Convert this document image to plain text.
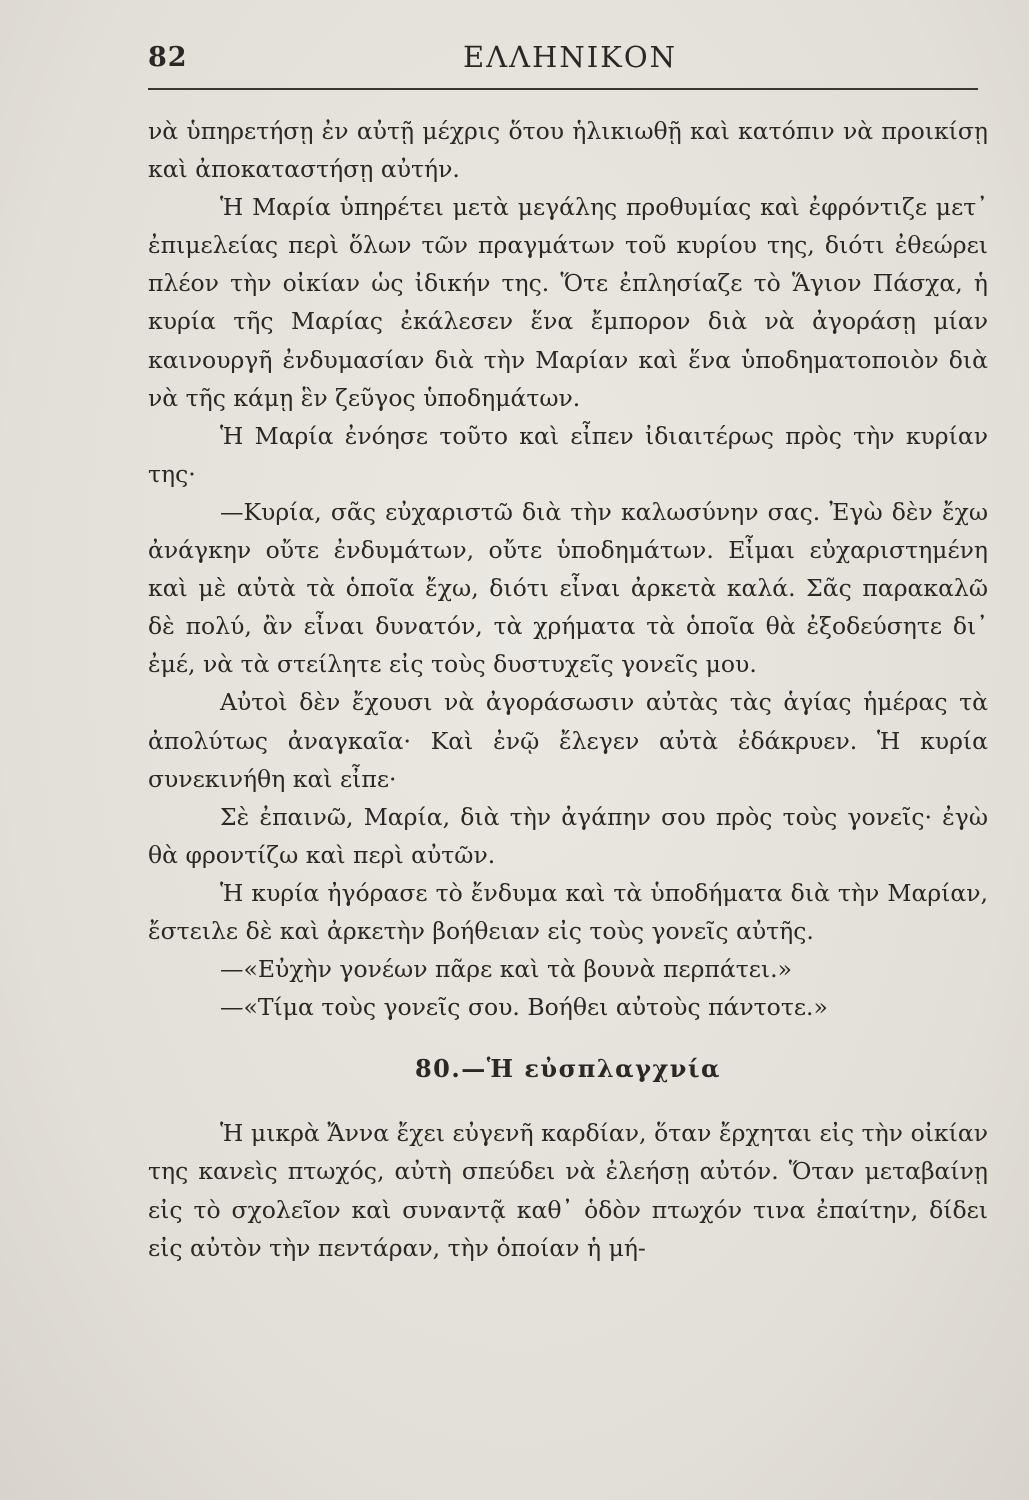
82	ΕΛΛΗΝΙΚΟΝ

νὰ ὑπηρετήσῃ ἐν αὐτῇ μέχρις ὅτου ἡλικιωθῇ καὶ κατόπιν νὰ προικίσῃ καὶ ἀποκαταστήσῃ αὐτήν.

Ἡ Μαρία ὑπηρέτει μετὰ μεγάλης προθυμίας καὶ ἐφρόντιζε μετ᾽ ἐπιμελείας περὶ ὅλων τῶν πραγμάτων τοῦ κυρίου της, διότι ἐθεώρει πλέον τὴν οἰκίαν ὡς ἰδικήν της. Ὅτε ἐπλησίαζε τὸ Ἅγιον Πάσχα, ἡ κυρία τῆς Μαρίας ἐκάλεσεν ἕνα ἔμπορον διὰ νὰ ἀγοράσῃ μίαν καινουργῆ ἐνδυμασίαν διὰ τὴν Μαρίαν καὶ ἕνα ὑποδηματοποιὸν διὰ νὰ τῆς κάμῃ ἓν ζεῦγος ὑποδημάτων.

Ἡ Μαρία ἐνόησε τοῦτο καὶ εἶπεν ἰδιαιτέρως πρὸς τὴν κυρίαν της·

—Κυρία, σᾶς εὐχαριστῶ διὰ τὴν καλωσύνην σας. Ἐγὼ δὲν ἔχω ἀνάγκην οὔτε ἐνδυμάτων, οὔτε ὑποδημάτων. Εἶμαι εὐχαριστημένη καὶ μὲ αὐτὰ τὰ ὁποῖα ἔχω, διότι εἶναι ἀρκετὰ καλά. Σᾶς παρακαλῶ δὲ πολύ, ἂν εἶναι δυνατόν, τὰ χρήματα τὰ ὁποῖα θὰ ἐξοδεύσητε δι᾽ ἐμέ, νὰ τὰ στείλητε εἰς τοὺς δυστυχεῖς γονεῖς μου.

Αὐτοὶ δὲν ἔχουσι νὰ ἀγοράσωσιν αὐτὰς τὰς ἁγίας ἡμέρας τὰ ἀπολύτως ἀναγκαῖα· Καὶ ἐνῷ ἔλεγεν αὐτὰ ἐδάκρυεν. Ἡ κυρία συνεκινήθη καὶ εἶπε·

Σὲ ἐπαινῶ, Μαρία, διὰ τὴν ἀγάπην σου πρὸς τοὺς γονεῖς· ἐγὼ θὰ φροντίζω καὶ περὶ αὐτῶν.

Ἡ κυρία ἠγόρασε τὸ ἔνδυμα καὶ τὰ ὑποδήματα διὰ τὴν Μαρίαν, ἔστειλε δὲ καὶ ἀρκετὴν βοήθειαν εἰς τοὺς γονεῖς αὐτῆς.

—«Εὐχὴν γονέων πᾶρε καὶ τὰ βουνὰ περπάτει.»

—«Τίμα τοὺς γονεῖς σου. Βοήθει αὐτοὺς πάντοτε.»

80.—Ἡ εὐσπλαγχνία

Ἡ μικρὰ Ἄννα ἔχει εὐγενῆ καρδίαν, ὅταν ἔρχηται εἰς τὴν οἰκίαν της κανεὶς πτωχός, αὐτὴ σπεύδει νὰ ἐλεήσῃ αὐτόν. Ὅταν μεταβαίνῃ εἰς τὸ σχολεῖον καὶ συναντᾷ καθ᾽ ὁδὸν πτωχόν τινα ἐπαίτην, δίδει εἰς αὐτὸν τὴν πεντάραν, τὴν ὁποίαν ἡ μή-
